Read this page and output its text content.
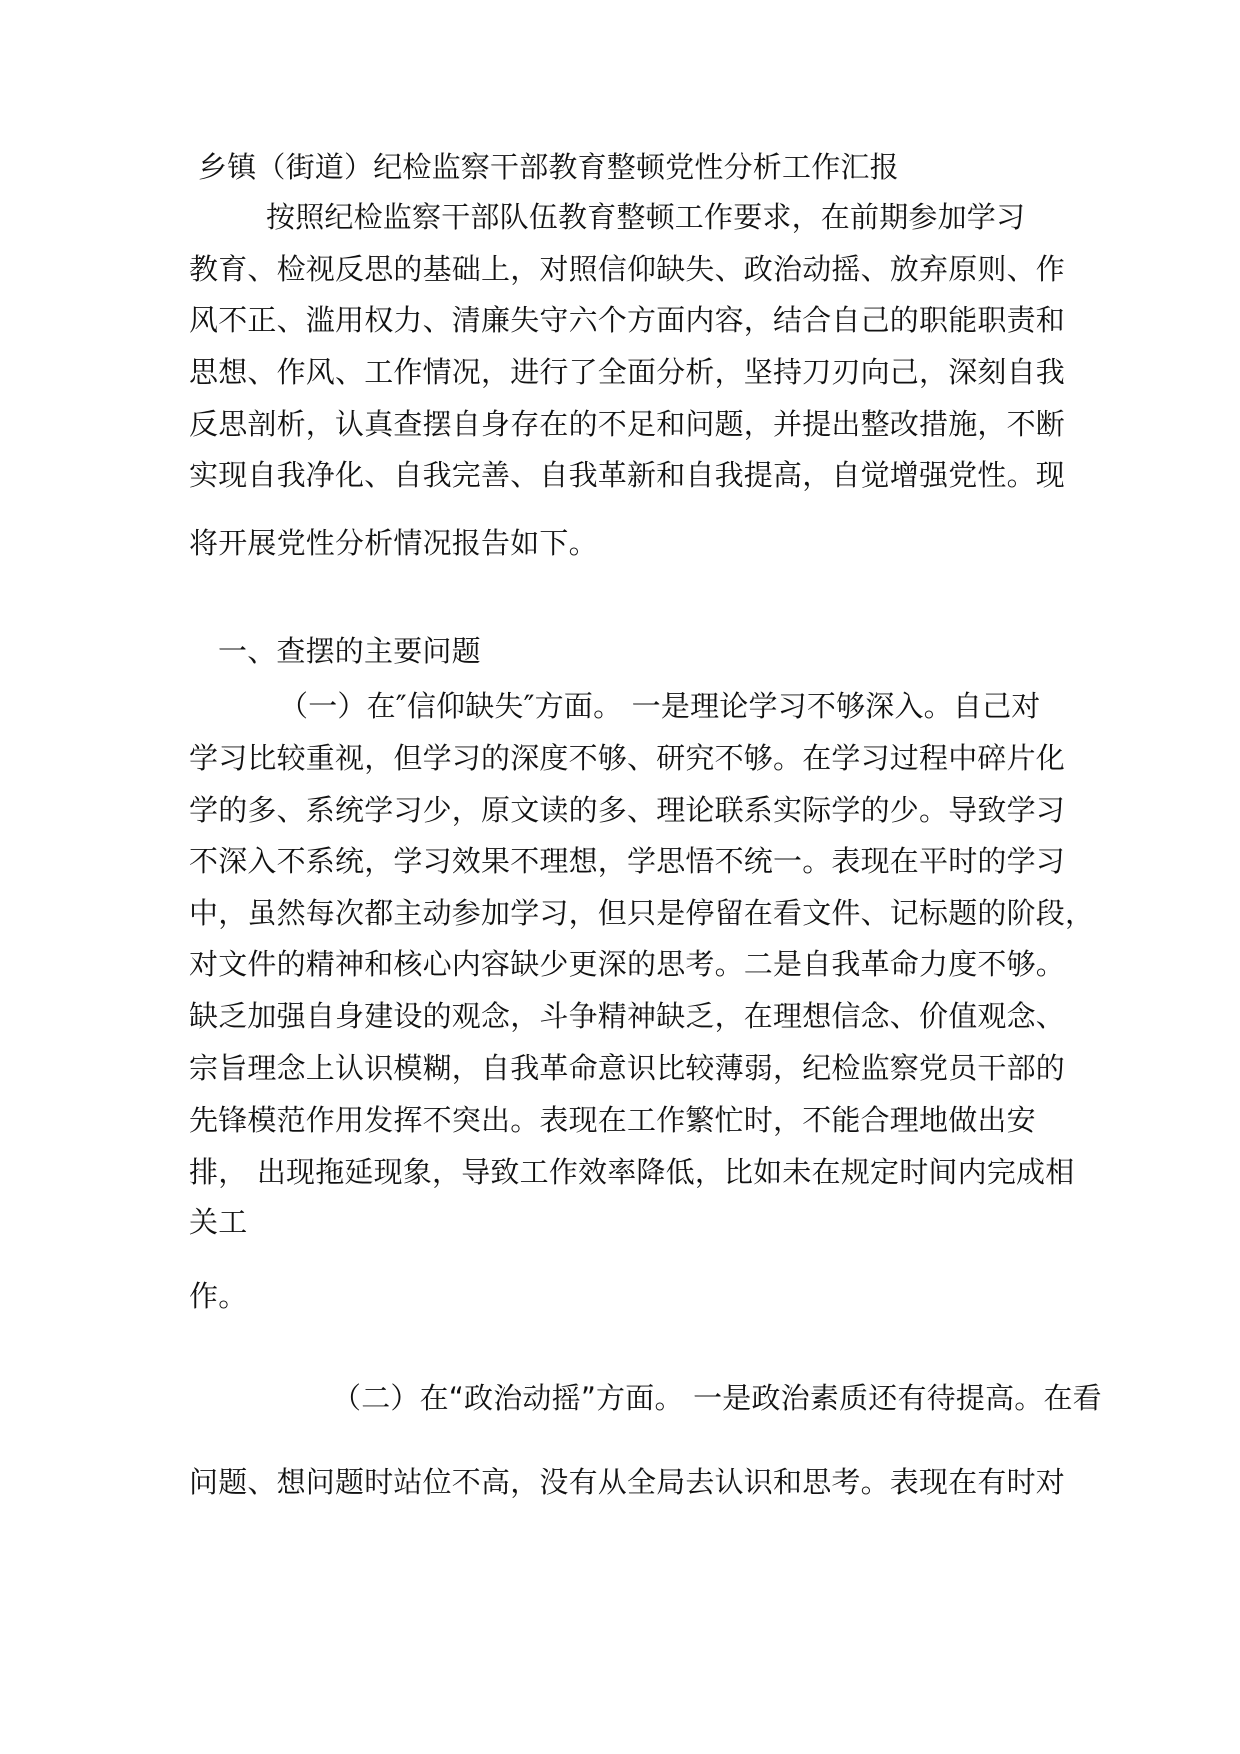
乡镇（街道）纪检监察干部教育整顿党性分析工作汇报

按照纪检监察干部队伍教育整顿工作要求，在前期参加学习

教育、检视反思的基础上，对照信仰缺失、政治动摇、放弃原则、作

风不正、滥用权力、清廉失守六个方面内容，结合自己的职能职责和

思想、作风、工作情况，进行了全面分析，坚持刀刃向己，深刻自我

反思剖析，认真查摆自身存在的不足和问题，并提出整改措施，不断

实现自我净化、自我完善、自我革新和自我提高，自觉增强党性。现

将开展党性分析情况报告如下。

一、查摆的主要问题

（一）在″信仰缺失″方面。 一是理论学习不够深入。自己对

学习比较重视，但学习的深度不够、研究不够。在学习过程中碎片化

学的多、系统学习少，原文读的多、理论联系实际学的少。导致学习

不深入不系统，学习效果不理想，学思悟不统一。表现在平时的学习

中，虽然每次都主动参加学习，但只是停留在看文件、记标题的阶段，

对文件的精神和核心内容缺少更深的思考。二是自我革命力度不够。

缺乏加强自身建设的观念，斗争精神缺乏，在理想信念、价值观念、

宗旨理念上认识模糊，自我革命意识比较薄弱，纪检监察党员干部的

先锋模范作用发挥不突出。表现在工作繁忙时，不能合理地做出安

排， 出现拖延现象，导致工作效率降低，比如未在规定时间内完成相

关工

作。

（二）在“政治动摇”方面。 一是政治素质还有待提高。在看

问题、想问题时站位不高，没有从全局去认识和思考。表现在有时对
